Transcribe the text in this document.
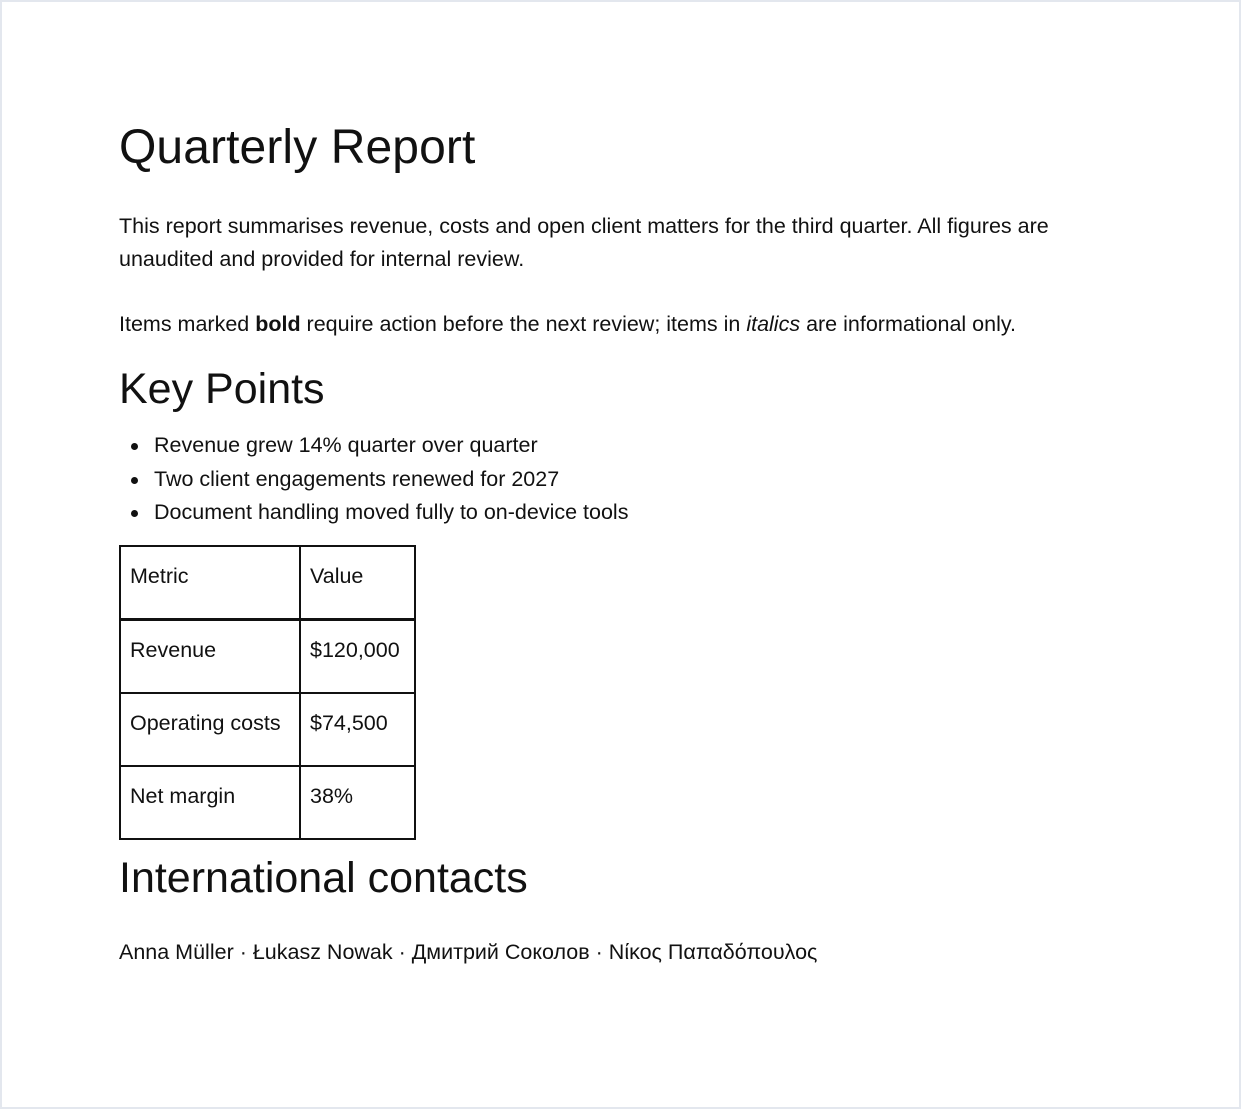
Quarterly Report

This report summarises revenue, costs and open client matters for the third quarter. All figures are unaudited and provided for internal review.

Items marked bold require action before the next review; items in italics are informational only.

Key Points
Revenue grew 14% quarter over quarter
Two client engagements renewed for 2027
Document handling moved fully to on-device tools
Metric	Value
Revenue	$120,000
Operating costs	$74,500
Net margin	38%
International contacts

Anna Müller · Łukasz Nowak · Дмитрий Соколов · Νίκος Παπαδόπουλος
